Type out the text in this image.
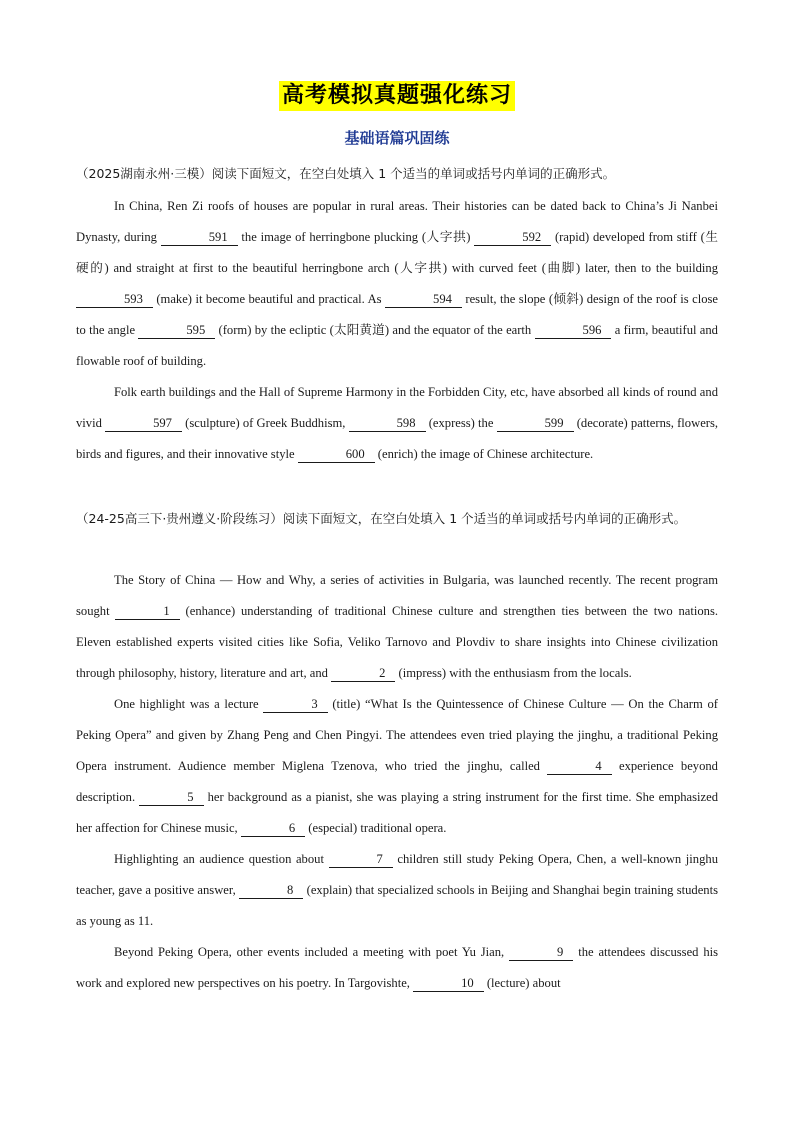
高考模拟真题强化练习
基础语篇巩固练
（2025湖南永州·三模）阅读下面短文，在空白处填入 1 个适当的单词或括号内单词的正确形式。

In China, Ren Zi roofs of houses are popular in rural areas. Their histories can be dated back to China’s Ji Nanbei Dynasty, during	591 the image of herringbone plucking (人字拱)	592 (rapid) developed from stiff (生硬的) and straight at first to the beautiful herringbone arch (人字拱) with curved feet (曲脚) later, then to the building 593 (make) it become beautiful and practical. As	594 result, the slope (倾斜) design of the roof is close to the angle	595 (form) by the ecliptic (太阳黄道) and the equator of the earth	596 a firm, beautiful and flowable roof of building.

Folk earth buildings and the Hall of Supreme Harmony in the Forbidden City, etc, have absorbed all kinds of round and vivid	597 (sculpture) of Greek Buddhism,	598 (express) the	599 (decorate) patterns, flowers, birds and figures, and their innovative style	600 (enrich) the image of Chinese architecture.

（24-25高三下·贵州遵义·阶段练习）阅读下面短文，在空白处填入 1 个适当的单词或括号内单词的正确形式。

The Story of China — How and Why, a series of activities in Bulgaria, was launched recently. The recent program sought	1 (enhance) understanding of traditional Chinese culture and strengthen ties between the two nations. Eleven established experts visited cities like Sofia, Veliko Tarnovo and Plovdiv to share insights into Chinese civilization through philosophy, history, literature and art, and	2 (impress) with the enthusiasm from the locals.

One highlight was a lecture	3 (title) “What Is the Quintessence of Chinese Culture — On the Charm of Peking Opera” and given by Zhang Peng and Chen Pingyi. The attendees even tried playing the jinghu, a traditional Peking Opera instrument. Audience member Miglena Tzenova, who tried the jinghu, called	4 experience beyond description.	5 her background as a pianist, she was playing a string instrument for the first time. She emphasized her affection for Chinese music,	6 (especial) traditional opera.

Highlighting an audience question about	7 children still study Peking Opera, Chen, a well-known jinghu teacher, gave a positive answer,	8 (explain) that specialized schools in Beijing and Shanghai begin training students as young as 11.

Beyond Peking Opera, other events included a meeting with poet Yu Jian,	9 the attendees discussed his work and explored new perspectives on his poetry. In Targovishte,	10 (lecture) about
